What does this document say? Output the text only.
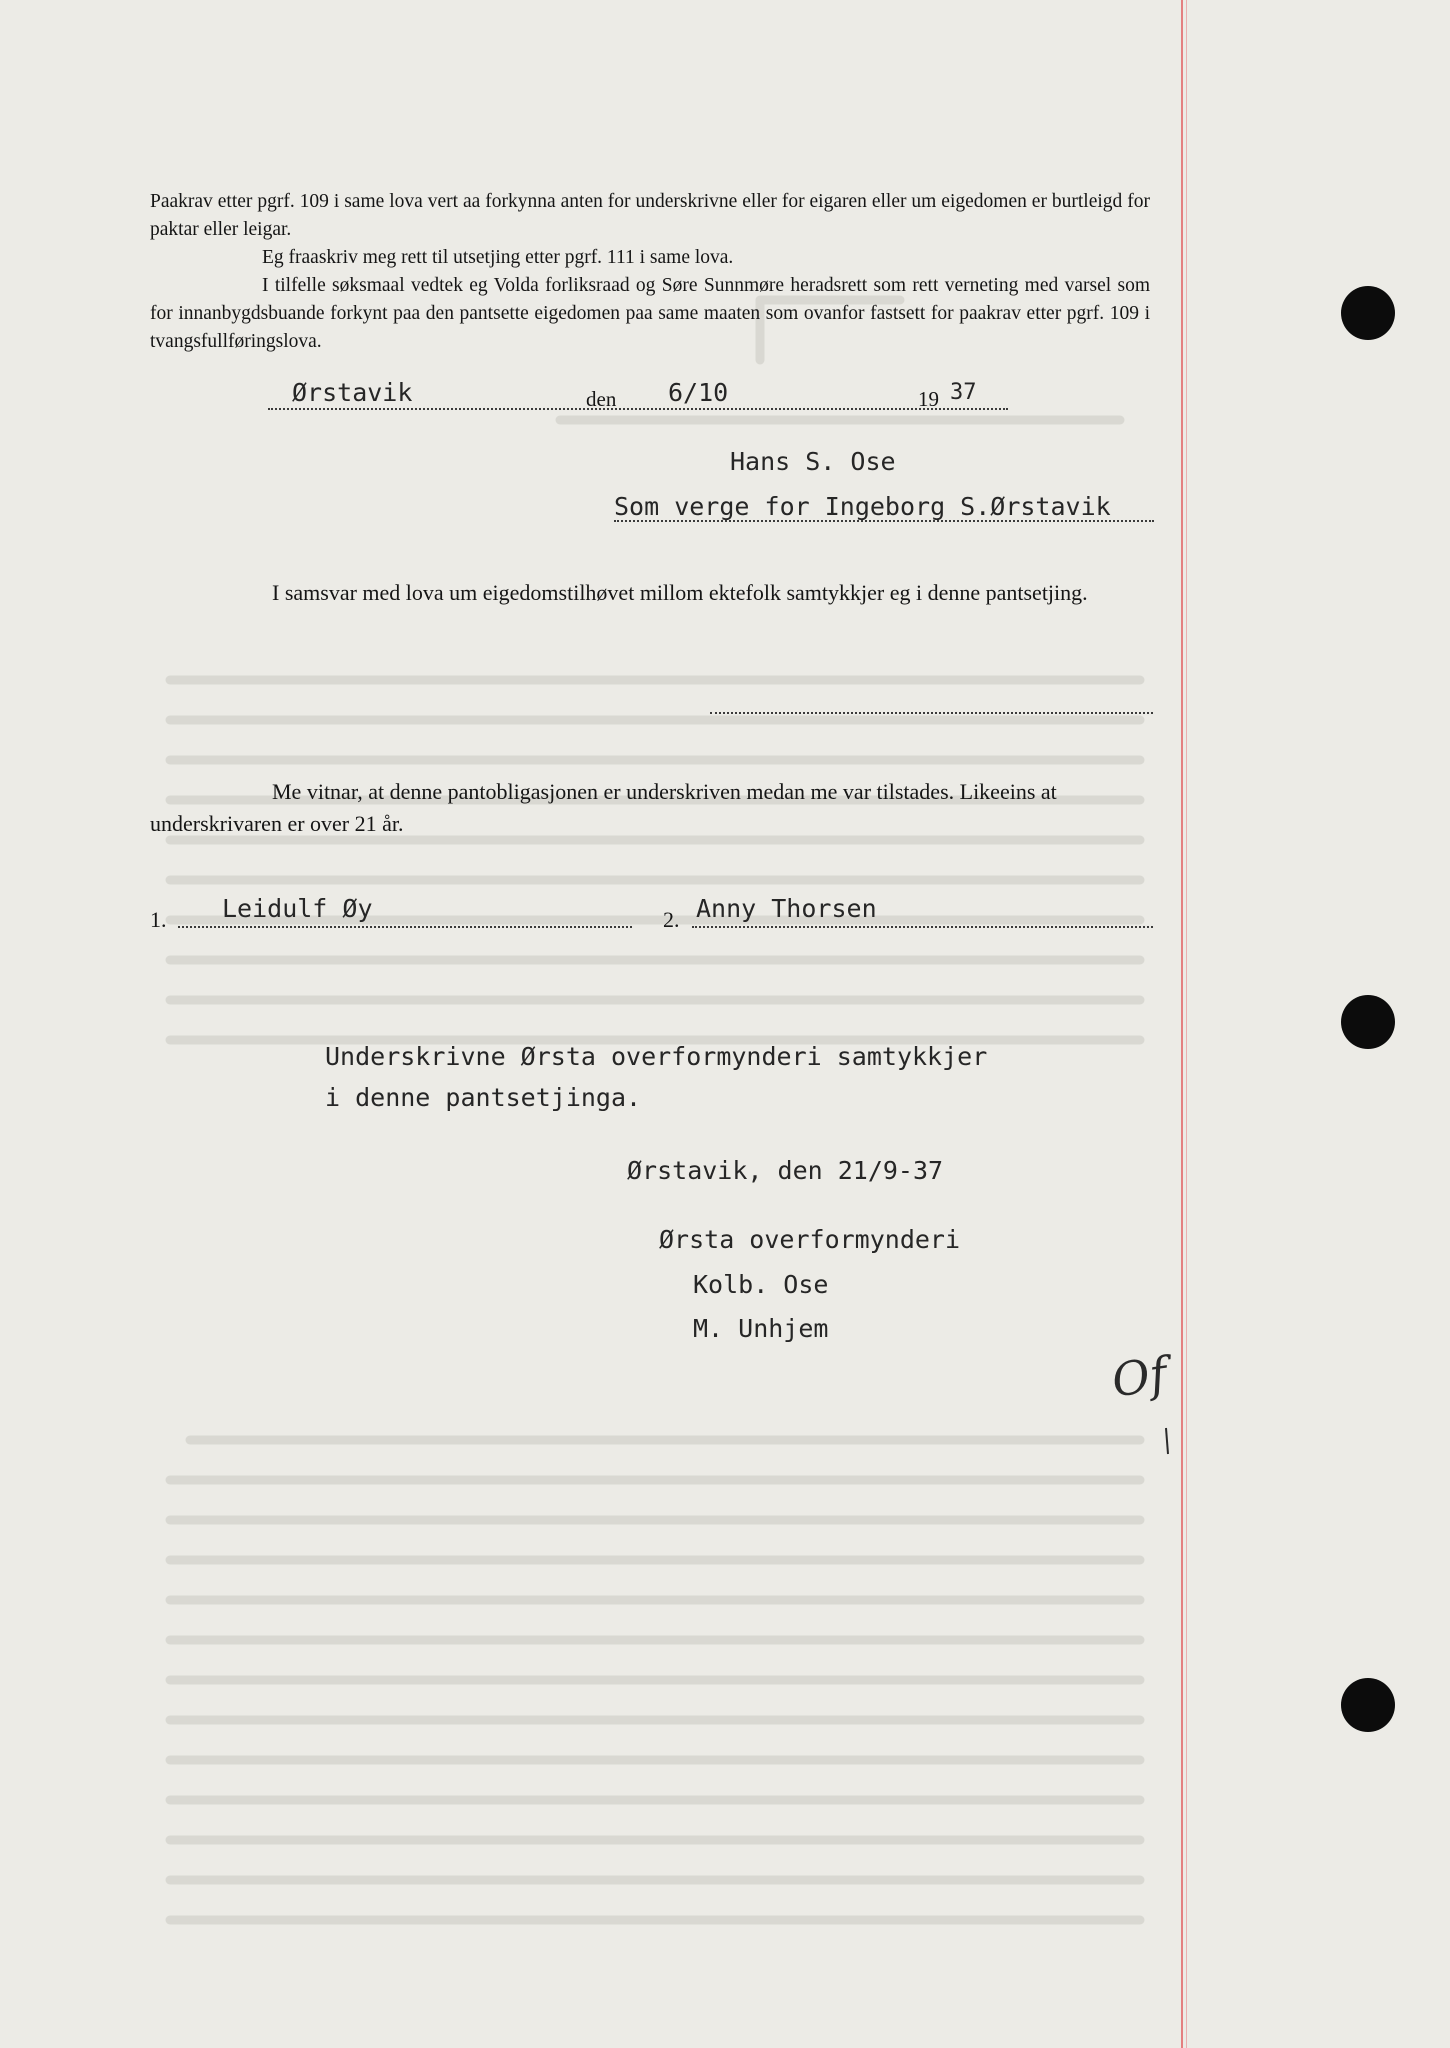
Paakrav etter pgrf. 109 i same lova vert aa forkynna anten for underskrivne eller for eigaren eller um eigedomen er burtleigd for paktar eller leigar.

Eg fraaskriv meg rett til utsetjing etter pgrf. 111 i same lova.

I tilfelle søksmaal vedtek eg Volda forliksraad og Søre Sunnmøre heradsrett som rett verneting med varsel som for innanbygdsbuande forkynt paa den pantsette eigedomen paa same maaten som ovanfor fastsett for paakrav etter pgrf. 109 i tvangsfullføringslova.

Ørstavik	den 6/10	19 37
Hans S. Ose
Som verge for Ingeborg S.Ørstavik

I samsvar med lova um eigedomstilhøvet millom ektefolk samtykkjer eg i denne pantsetjing.

Me vitnar, at denne pantobligasjonen er underskriven medan me var tilstades. Likeeins at underskrivaren er over 21 år.

1. Leidulf Øy	2. Anny Thorsen
Underskrivne Ørsta overformynderi samtykkjer
i denne pantsetjinga.
Ørstavik, den 21/9-37
Ørsta overformynderi
Kolb. Ose
M. Unhjem
Of
